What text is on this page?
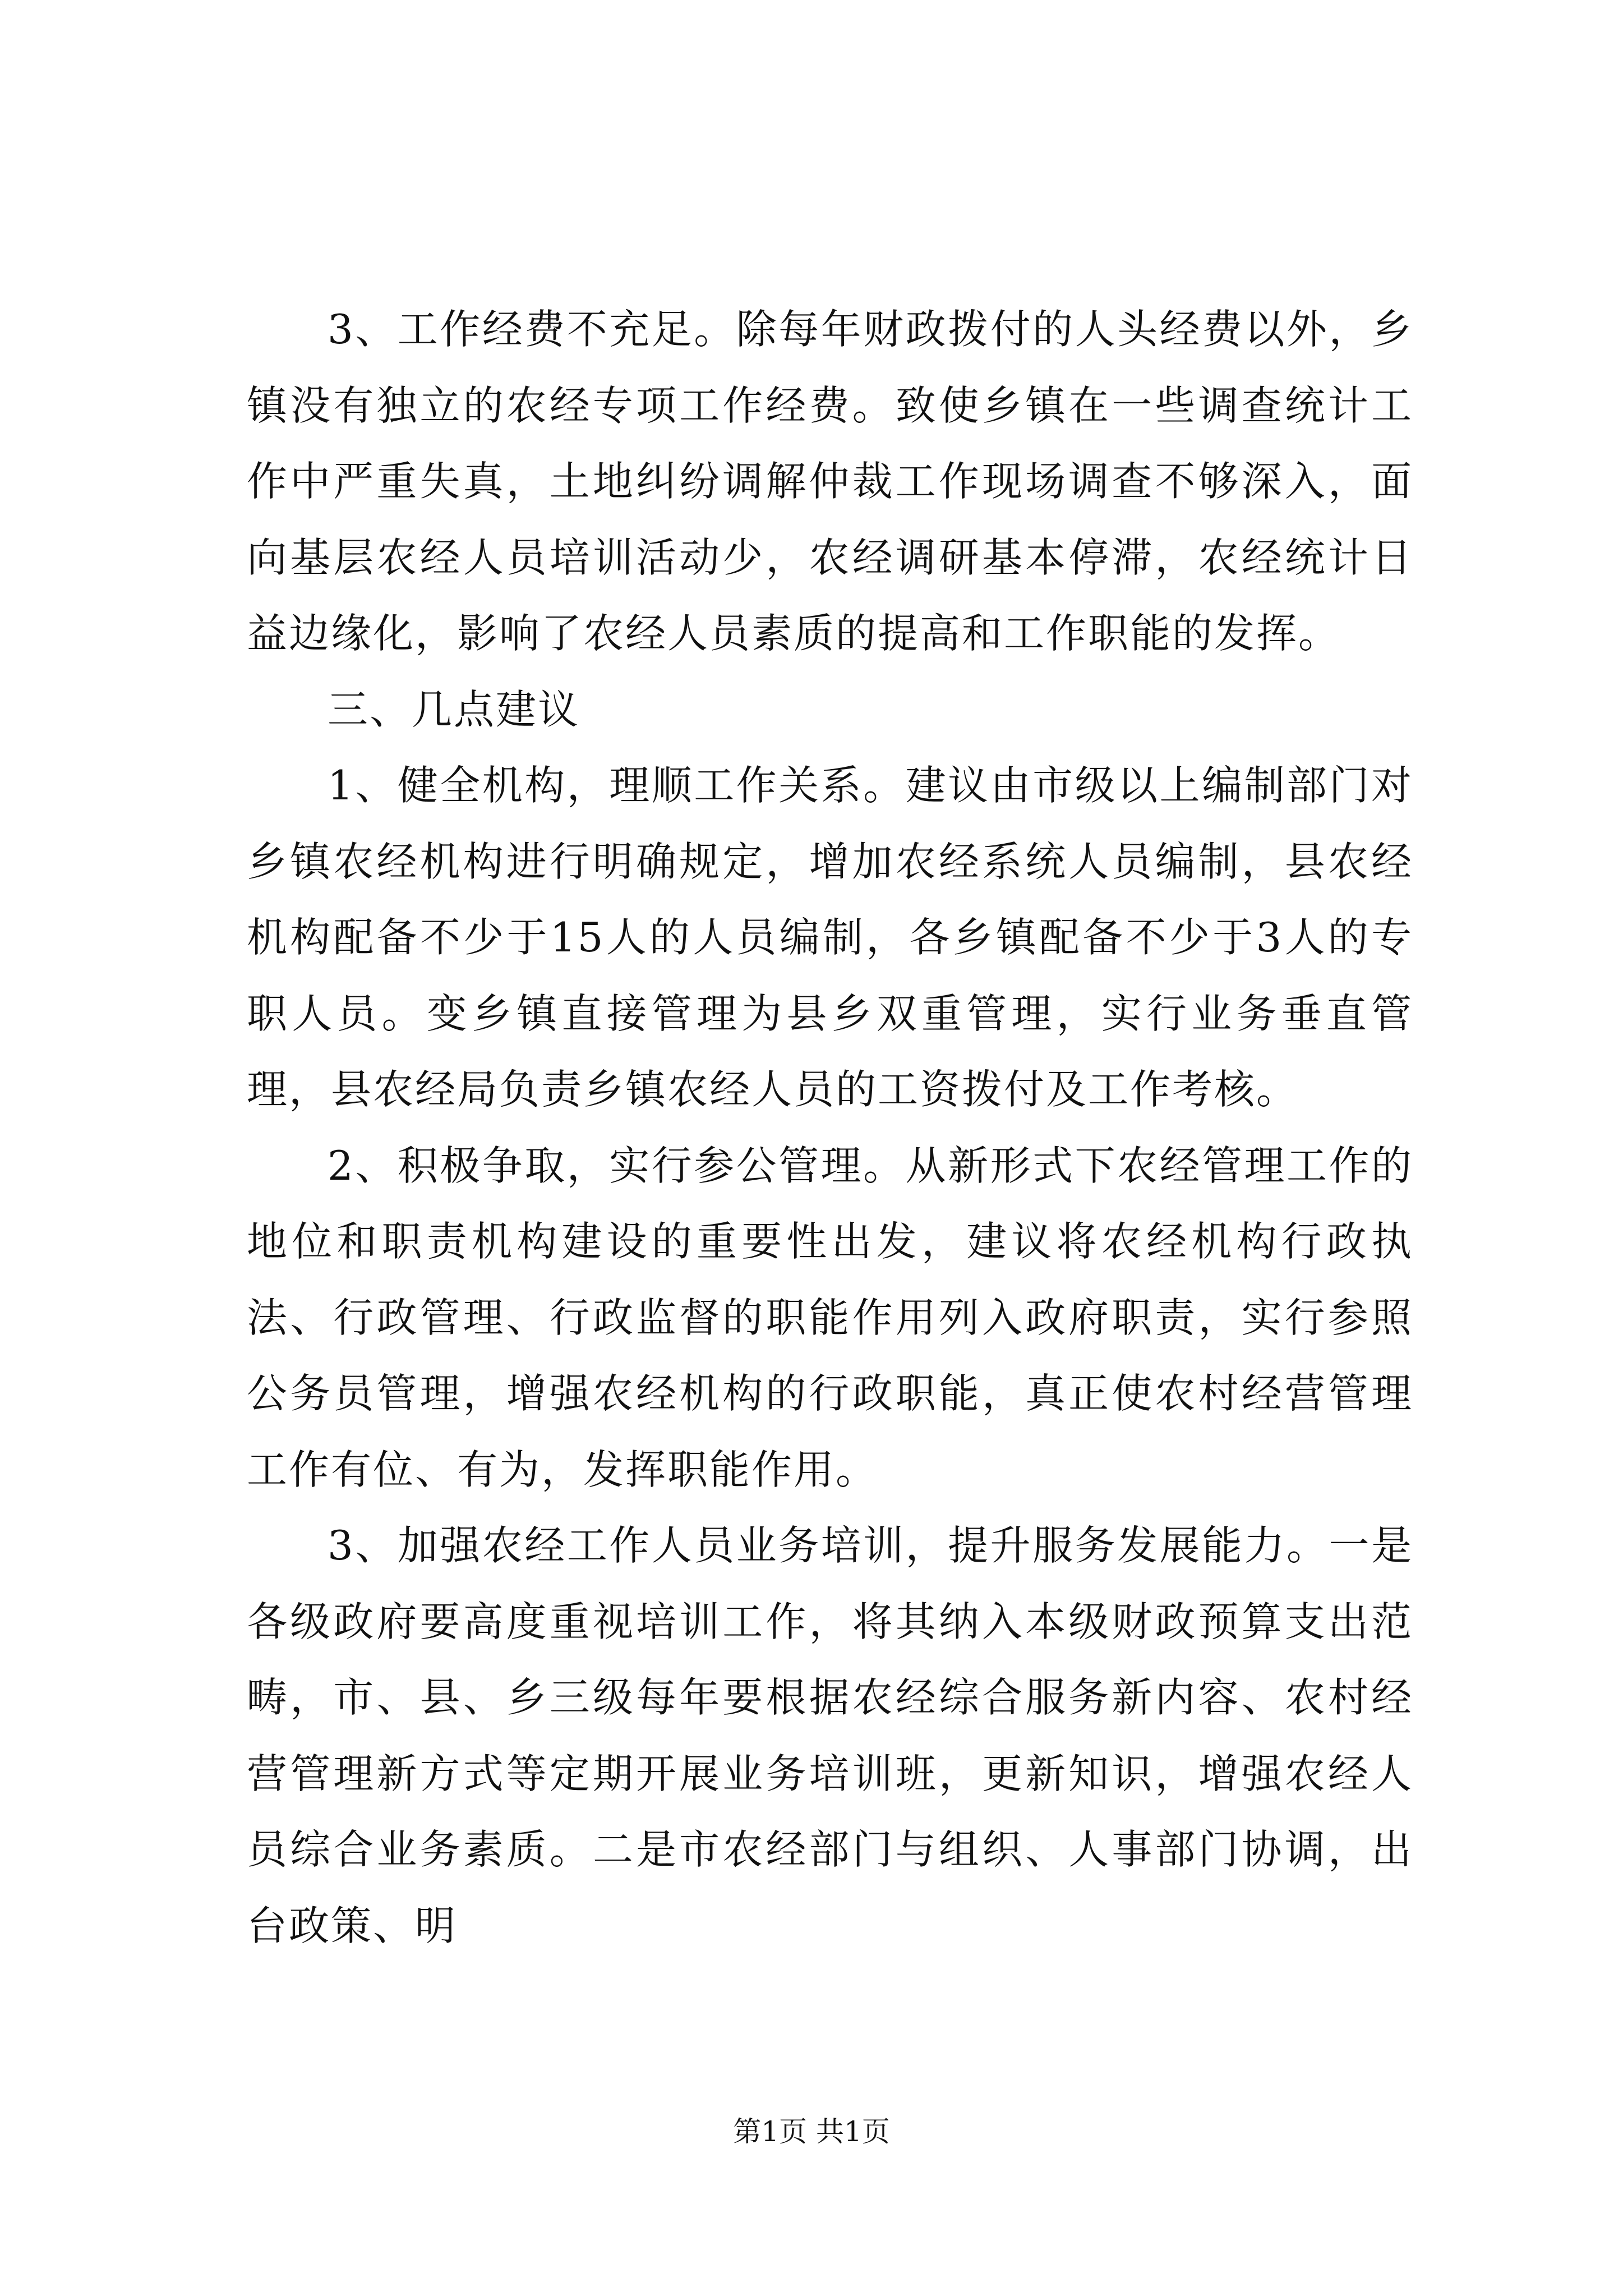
3、工作经费不充足。除每年财政拨付的人头经费以外，乡镇没有独立的农经专项工作经费。致使乡镇在一些调查统计工作中严重失真，土地纠纷调解仲裁工作现场调查不够深入，面向基层农经人员培训活动少，农经调研基本停滞，农经统计日益边缘化，影响了农经人员素质的提高和工作职能的发挥。

三、几点建议

1、健全机构，理顺工作关系。建议由市级以上编制部门对乡镇农经机构进行明确规定，增加农经系统人员编制，县农经机构配备不少于15人的人员编制，各乡镇配备不少于3人的专职人员。变乡镇直接管理为县乡双重管理，实行业务垂直管理，县农经局负责乡镇农经人员的工资拨付及工作考核。

2、积极争取，实行参公管理。从新形式下农经管理工作的地位和职责机构建设的重要性出发，建议将农经机构行政执法、行政管理、行政监督的职能作用列入政府职责，实行参照公务员管理，增强农经机构的行政职能，真正使农村经营管理工作有位、有为，发挥职能作用。

3、加强农经工作人员业务培训，提升服务发展能力。一是各级政府要高度重视培训工作，将其纳入本级财政预算支出范畴，市、县、乡三级每年要根据农经综合服务新内容、农村经营管理新方式等定期开展业务培训班，更新知识，增强农经人员综合业务素质。二是市农经部门与组织、人事部门协调，出台政策、明

第1页 共1页
